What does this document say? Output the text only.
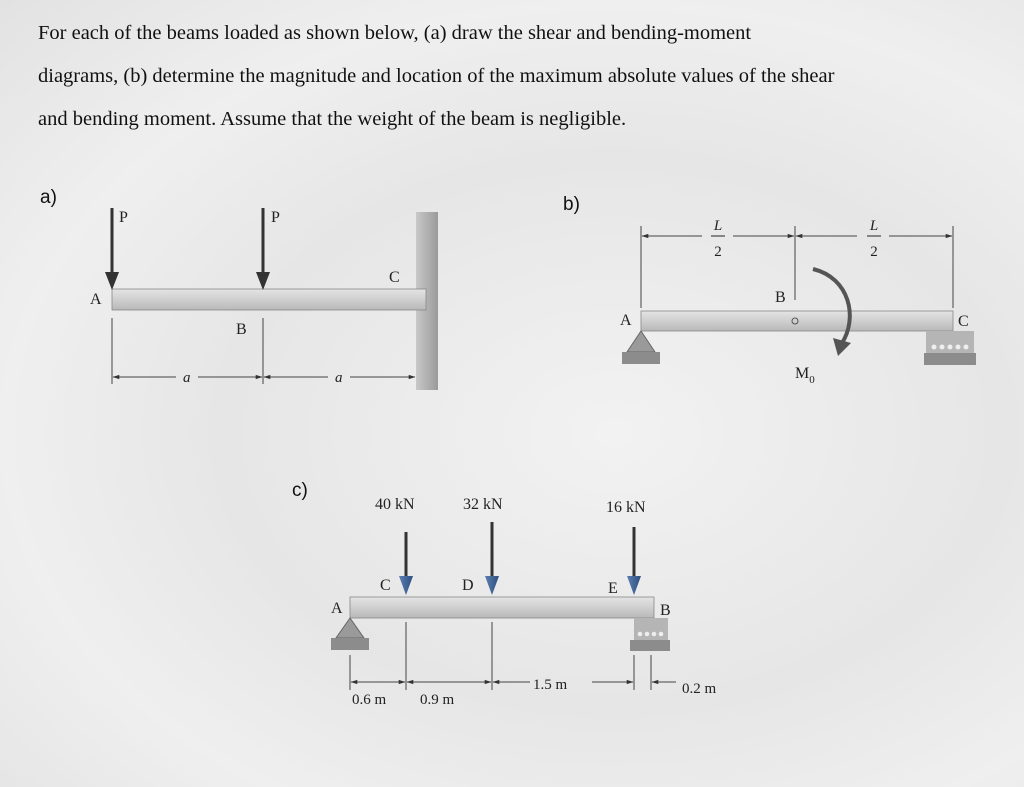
For each of the beams loaded as shown below, (a) draw the shear and bending-moment
diagrams, (b) determine the magnitude and location of the maximum absolute values of the shear
and bending moment. Assume that the weight of the beam is negligible.
a)
P	P
A
B
C
a	a
b)
L
2
L
2
A
B
C
$M_0$
c)
40 kN	32 kN	16 kN
A
C	D	E
B
0.6 m 0.9 m
1.5 m	0.2 m
